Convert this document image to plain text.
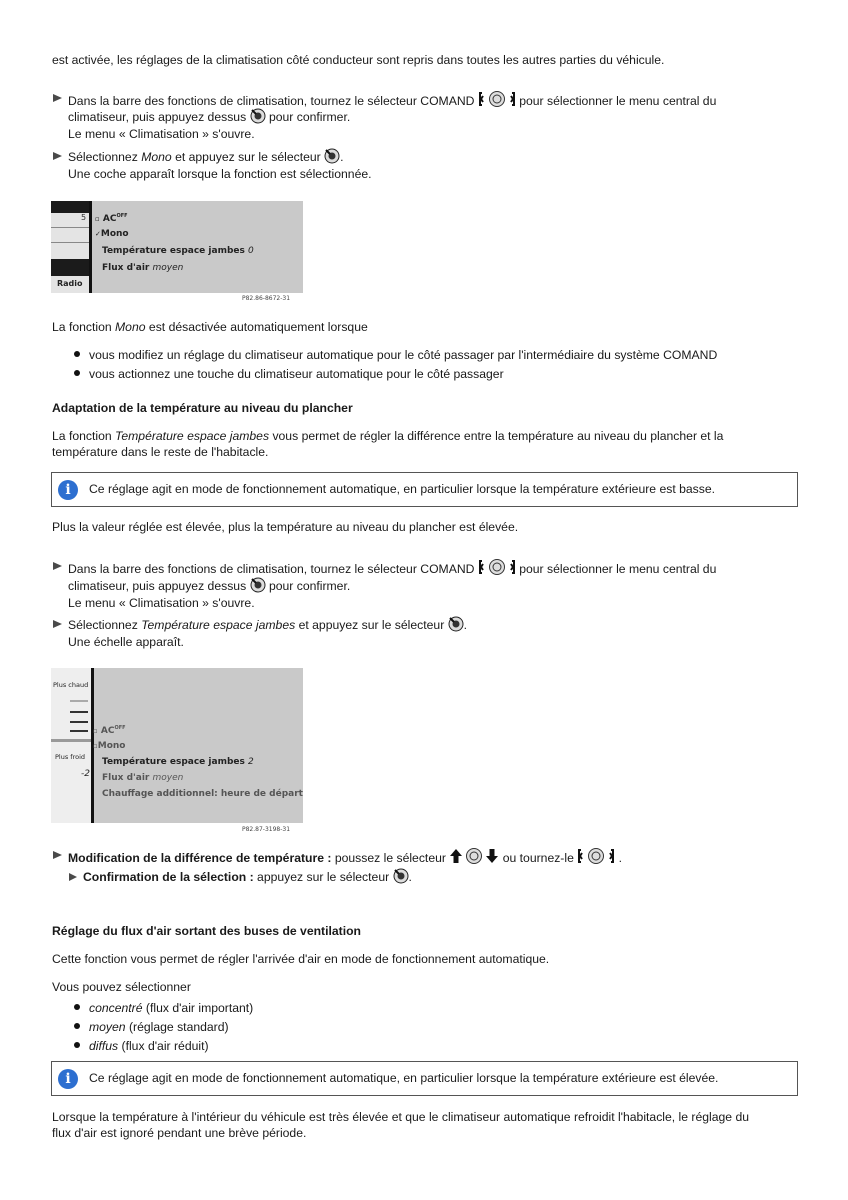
est activée, les réglages de la climatisation côté conducteur sont repris dans toutes les autres parties du véhicule.
Dans la barre des fonctions de climatisation, tournez le sélecteur COMAND	pour sélectionner le menu central du
climatiseur, puis appuyez dessus pour confirmer.
Le menu « Climatisation » s'ouvre.
Sélectionnez Mono et appuyez sur le sélecteur .
Une coche apparaît lorsque la fonction est sélectionnée.
5
Radio
▫ $AC^{OFF}$
✓Mono
Température espace jambes 0
Flux d'air moyen
P82.86-8672-31
La fonction Mono est désactivée automatiquement lorsque
vous modifiez un réglage du climatiseur automatique pour le côté passager par l'intermédiaire du système COMAND
vous actionnez une touche du climatiseur automatique pour le côté passager
Adaptation de la température au niveau du plancher
La fonction Température espace jambes vous permet de régler la différence entre la température au niveau du plancher et la
température dans le reste de l'habitacle.
i	Ce réglage agit en mode de fonctionnement automatique, en particulier lorsque la température extérieure est basse.
Plus la valeur réglée est élevée, plus la température au niveau du plancher est élevée.
Dans la barre des fonctions de climatisation, tournez le sélecteur COMAND	pour sélectionner le menu central du
climatiseur, puis appuyez dessus pour confirmer.
Le menu « Climatisation » s'ouvre.
Sélectionnez Température espace jambes et appuyez sur le sélecteur .
Une échelle apparaît.
Plus chaud
Plus froid
-2
▫ $AC^{OFF}$
▫Mono
Température espace jambes 2
Flux d'air moyen
Chauffage additionnel: heure de départ
P82.87-3198-31
Modification de la différence de température : poussez le sélecteur	ou tournez-le	.
Confirmation de la sélection : appuyez sur le sélecteur .
Réglage du flux d'air sortant des buses de ventilation
Cette fonction vous permet de régler l'arrivée d'air en mode de fonctionnement automatique.
Vous pouvez sélectionner
concentré (flux d'air important)
moyen (réglage standard)
diffus (flux d'air réduit)
i	Ce réglage agit en mode de fonctionnement automatique, en particulier lorsque la température extérieure est élevée.
Lorsque la température à l'intérieur du véhicule est très élevée et que le climatiseur automatique refroidit l'habitacle, le réglage du
flux d'air est ignoré pendant une brève période.
